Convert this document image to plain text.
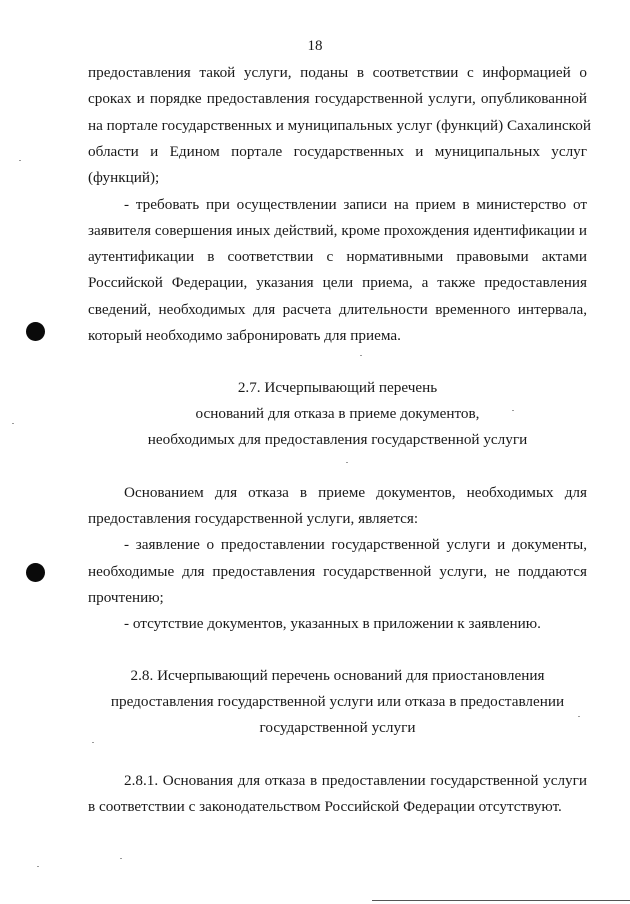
18
предоставления такой услуги, поданы в соответствии с информацией о
сроках и порядке предоставления государственной услуги, опубликованной
на портале государственных и муниципальных услуг (функций) Сахалинской
области и Едином портале государственных и муниципальных услуг
(функций);
- требовать при осуществлении записи на прием в министерство от
заявителя совершения иных действий, кроме прохождения идентификации и
аутентификации в соответствии с нормативными правовыми актами
Российской Федерации, указания цели приема, а также предоставления
сведений, необходимых для расчета длительности временного интервала,
который необходимо забронировать для приема.
2.7. Исчерпывающий перечень
оснований для отказа в приеме документов,
необходимых для предоставления государственной услуги
Основанием для отказа в приеме документов, необходимых для
предоставления государственной услуги, является:
- заявление о предоставлении государственной услуги и документы,
необходимые для предоставления государственной услуги, не поддаются
прочтению;
- отсутствие документов, указанных в приложении к заявлению.
2.8. Исчерпывающий перечень оснований для приостановления
предоставления государственной услуги или отказа в предоставлении
государственной услуги
2.8.1. Основания для отказа в предоставлении государственной услуги
в соответствии с законодательством Российской Федерации отсутствуют.
